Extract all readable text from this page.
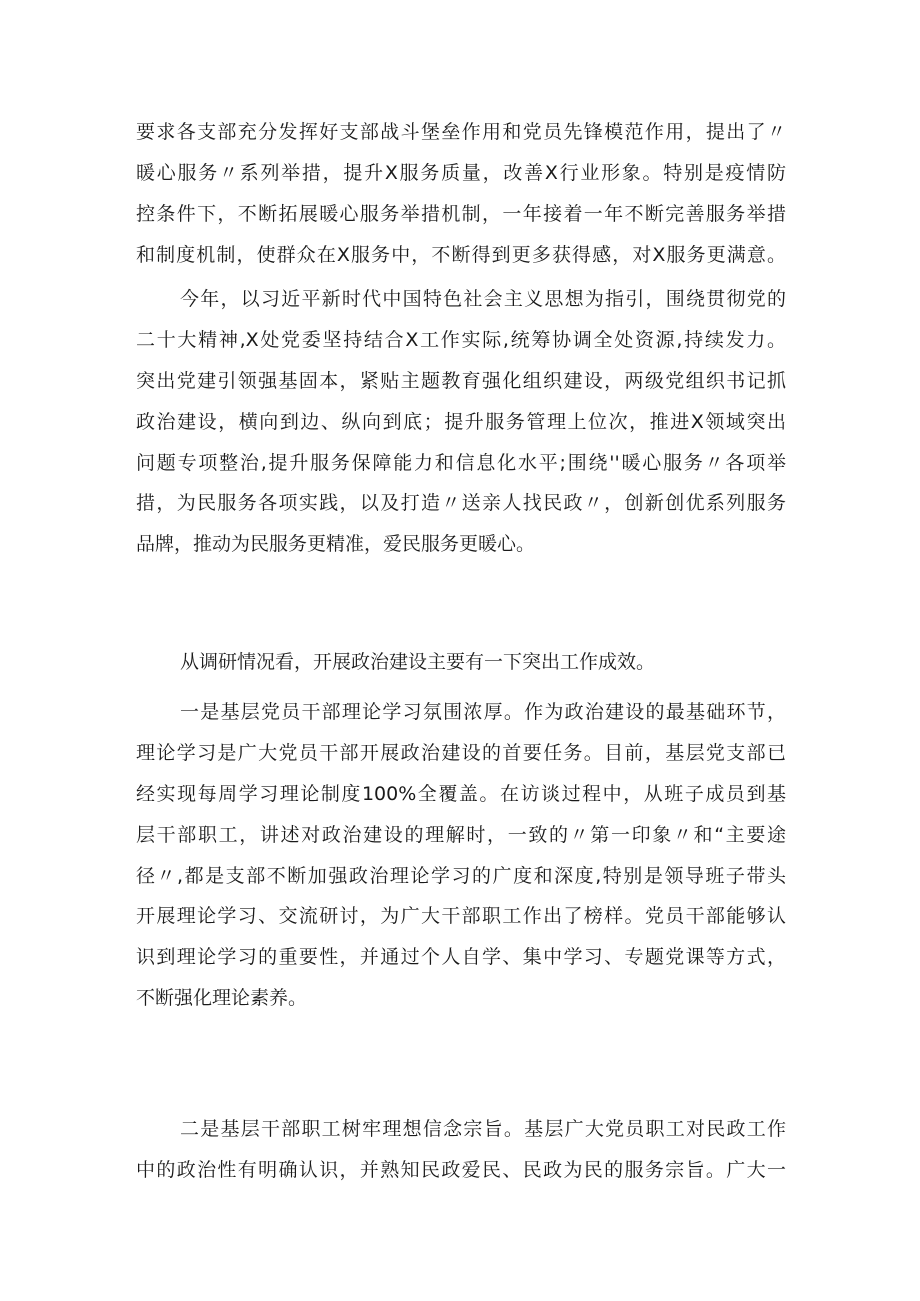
要求各支部充分发挥好支部战斗堡垒作用和党员先锋模范作用，提出了〃
暖心服务〃系列举措，提升X服务质量，改善X行业形象。特别是疫情防
控条件下，不断拓展暖心服务举措机制，一年接着一年不断完善服务举措
和制度机制，使群众在X服务中，不断得到更多获得感，对X服务更满意。
今年，以习近平新时代中国特色社会主义思想为指引，围绕贯彻党的
二十大精神,X处党委坚持结合X工作实际,统筹协调全处资源,持续发力。
突出党建引领强基固本，紧贴主题教育强化组织建设，两级党组织书记抓
政治建设，横向到边、纵向到底；提升服务管理上位次，推进X领域突出
问题专项整治,提升服务保障能力和信息化水平;围绕''暖心服务〃各项举
措，为民服务各项实践，以及打造〃送亲人找民政〃，创新创优系列服务
品牌，推动为民服务更精准，爱民服务更暖心。
从调研情况看，开展政治建设主要有一下突出工作成效。
一是基层党员干部理论学习氛围浓厚。作为政治建设的最基础环节，
理论学习是广大党员干部开展政治建设的首要任务。目前，基层党支部已
经实现每周学习理论制度100%全覆盖。在访谈过程中，从班子成员到基
层干部职工，讲述对政治建设的理解时，一致的〃第一印象〃和“主要途
径〃,都是支部不断加强政治理论学习的广度和深度,特别是领导班子带头
开展理论学习、交流研讨，为广大干部职工作出了榜样。党员干部能够认
识到理论学习的重要性，并通过个人自学、集中学习、专题党课等方式，
不断强化理论素养。
二是基层干部职工树牢理想信念宗旨。基层广大党员职工对民政工作
中的政治性有明确认识，并熟知民政爱民、民政为民的服务宗旨。广大一
